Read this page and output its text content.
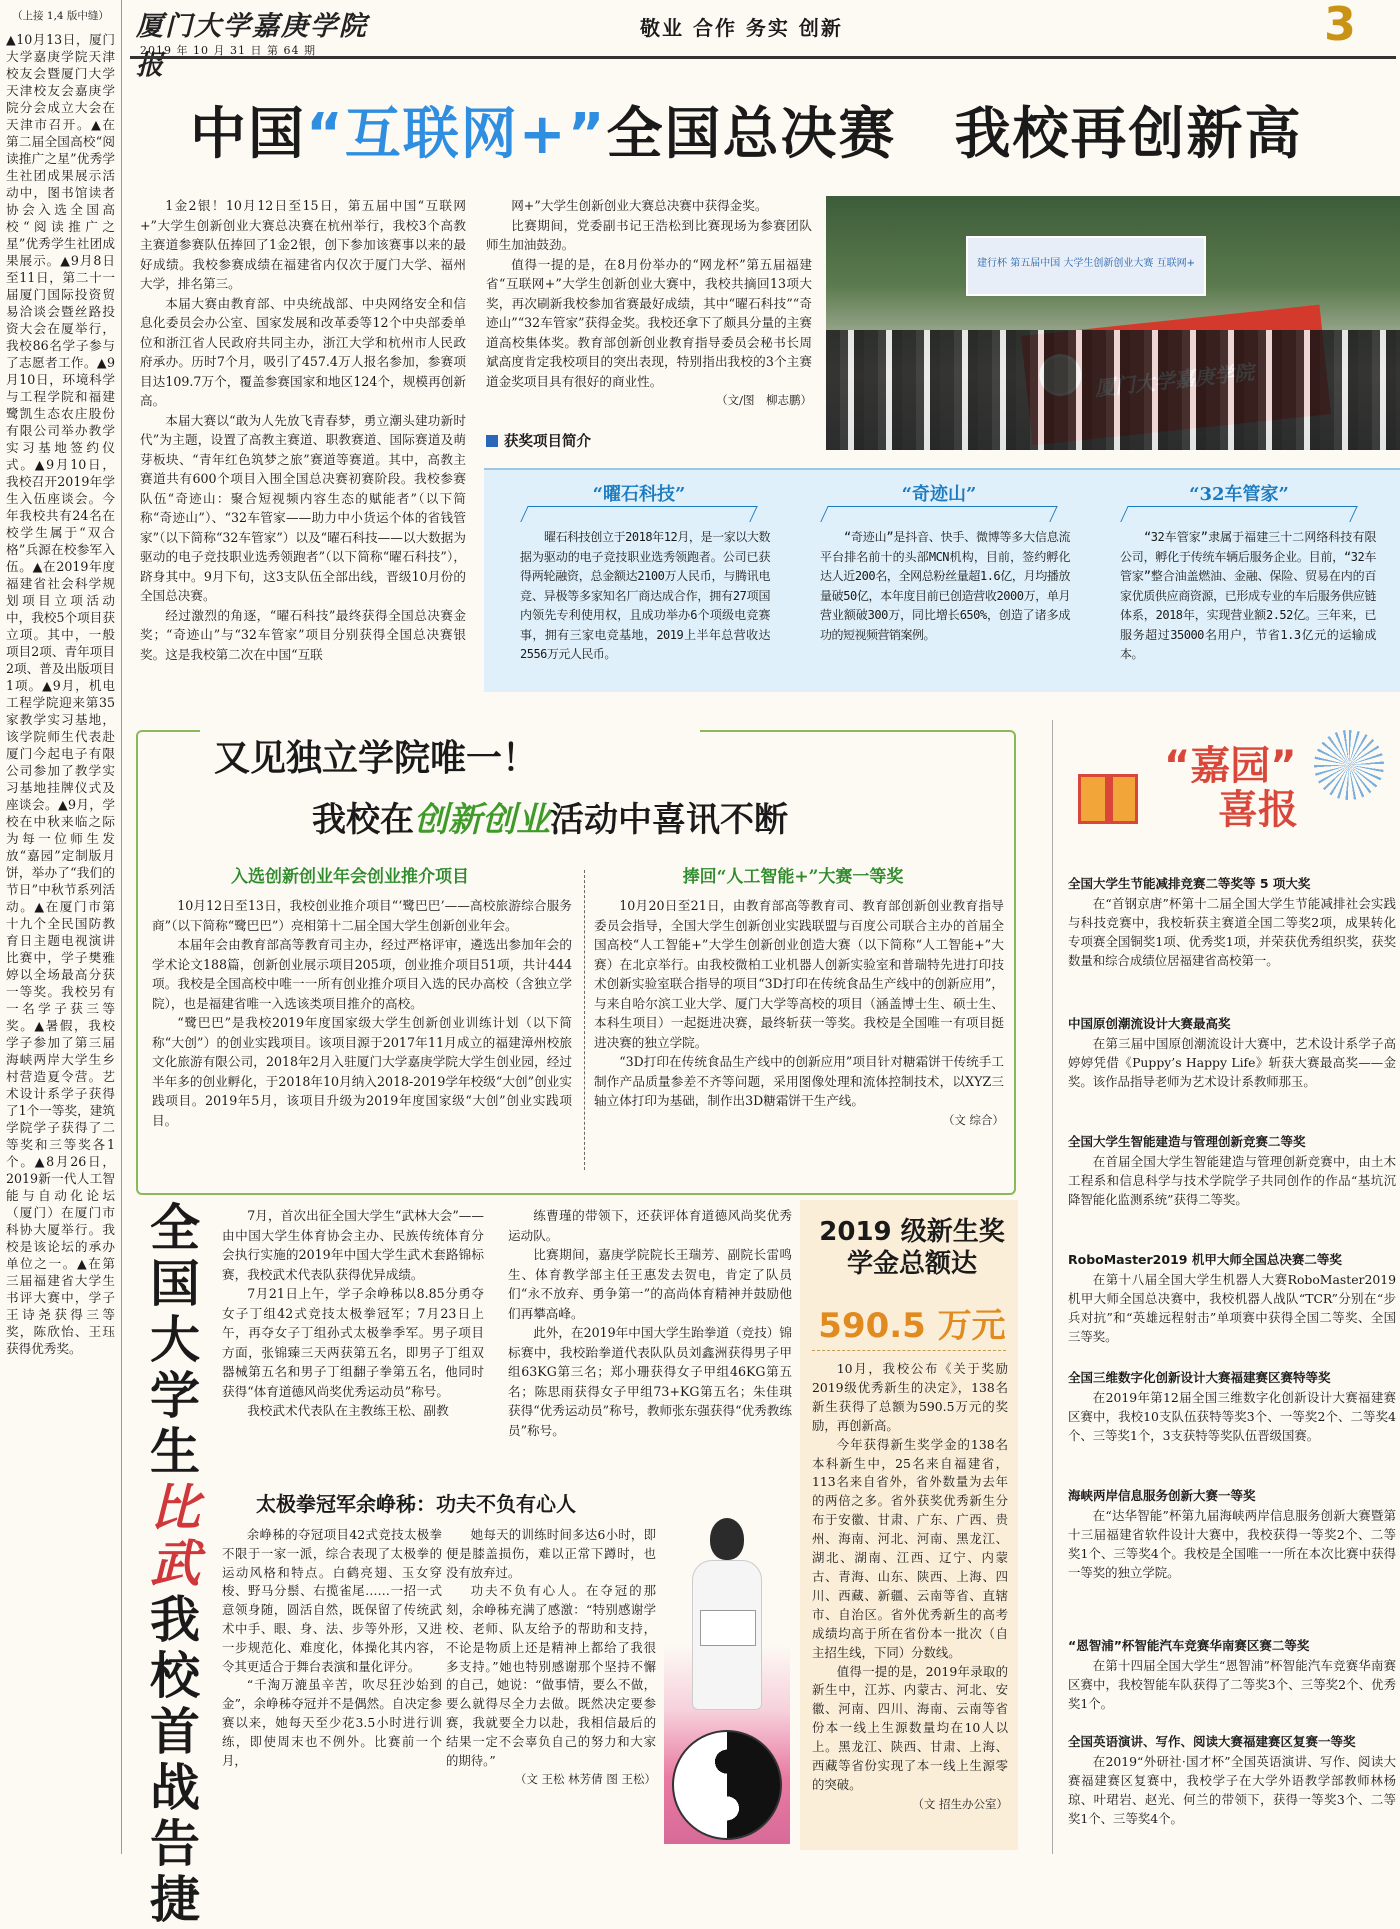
（上接 1,4 版中缝）
▲10月13日，厦门大学嘉庚学院天津校友会暨厦门大学天津校友会嘉庚学院分会成立大会在天津市召开。▲在第二届全国高校“阅读推广之星”优秀学生社团成果展示活动中，图书馆读者协会入选全国高校“阅读推广之星”优秀学生社团成果展示。▲9月8日至11日，第二十一届厦门国际投资贸易洽谈会暨丝路投资大会在厦举行，我校86名学子参与了志愿者工作。▲9月10日，环境科学与工程学院和福建鹭凯生态农庄股份有限公司举办教学实习基地签约仪式。▲9月10日，我校召开2019年学生入伍座谈会。今年我校共有24名在校学生属于“双合格”兵源在校参军入伍。▲在2019年度福建省社会科学规划项目立项活动中，我校5个项目获立项。其中，一般项目2项、青年项目2项、普及出版项目1项。▲9月，机电工程学院迎来第35家教学实习基地，该学院师生代表赴厦门今起电子有限公司参加了教学实习基地挂牌仪式及座谈会。▲9月，学校在中秋来临之际为每一位师生发放“嘉园”定制版月饼，举办了“我们的节日”中秋节系列活动。▲在厦门市第十九个全民国防教育日主题电视演讲比赛中，学子樊雅婷以全场最高分获一等奖。我校另有一名学子获三等奖。▲暑假，我校学子参加了第三届海峡两岸大学生乡村营造夏令营。艺术设计系学子获得了1个一等奖，建筑学院学子获得了二等奖和三等奖各1个。▲8月26日，2019新一代人工智能与自动化论坛（厦门）在厦门市科协大厦举行。我校是该论坛的承办单位之一。▲在第三届福建省大学生书评大赛中，学子王诗尧获得三等奖，陈欣怡、王珏获得优秀奖。
厦门大学嘉庚学院报
2019 年 10 月 31 日 第 64 期
敬业 合作 务实 创新	3
中国“互联网+”全国总决赛　我校再创新高

1金2银！10月12日至15日，第五届中国“互联网+”大学生创新创业大赛总决赛在杭州举行，我校3个高教主赛道参赛队伍捧回了1金2银，创下参加该赛事以来的最好成绩。我校参赛成绩在福建省内仅次于厦门大学、福州大学，排名第三。

本届大赛由教育部、中央统战部、中央网络安全和信息化委员会办公室、国家发展和改革委等12个中央部委单位和浙江省人民政府共同主办，浙江大学和杭州市人民政府承办。历时7个月，吸引了457.4万人报名参加，参赛项目达109.7万个，覆盖参赛国家和地区124个，规模再创新高。

本届大赛以“敢为人先放飞青春梦，勇立潮头建功新时代”为主题，设置了高教主赛道、职教赛道、国际赛道及萌芽板块、“青年红色筑梦之旅”赛道等赛道。其中，高教主赛道共有600个项目入围全国总决赛初赛阶段。我校参赛队伍“奇迹山：聚合短视频内容生态的赋能者”（以下简称“奇迹山”）、“32车管家——助力中小货运个体的省钱管家”（以下简称“32车管家”）以及“曜石科技——以大数据为驱动的电子竞技职业选秀领跑者”（以下简称“曜石科技”），跻身其中。9月下旬，这3支队伍全部出线，晋级10月份的全国总决赛。

经过激烈的角逐，“曜石科技”最终获得全国总决赛金奖；“奇迹山”与“32车管家”项目分别获得全国总决赛银奖。这是我校第二次在中国“互联

网+”大学生创新创业大赛总决赛中获得金奖。

比赛期间，党委副书记王浩松到比赛现场为参赛团队师生加油鼓劲。

值得一提的是，在8月份举办的“网龙杯”第五届福建省“互联网+”大学生创新创业大赛中，我校共摘回13项大奖，再次刷新我校参加省赛最好成绩，其中“曜石科技”“奇迹山”“32车管家”获得金奖。我校还拿下了颇具分量的主赛道高校集体奖。教育部创新创业教育指导委员会秘书长周斌高度肯定我校项目的突出表现，特别指出我校的3个主赛道金奖项目具有很好的商业性。

（文/图　柳志鹏）

建行杯 第五届中国 大学生创新创业大赛 互联网+
获奖项目简介
“曜石科技”
曜石科技创立于2018年12月，是一家以大数据为驱动的电子竞技职业选秀领跑者。公司已获得两轮融资，总金额达2100万人民币，与腾讯电竞、异极等多家知名厂商达成合作，拥有27项国内领先专利使用权，且成功举办6个项级电竞赛事，拥有三家电竞基地，2019上半年总营收达2556万元人民币。
“奇迹山”
“奇迹山”是抖音、快手、微博等多大信息流平台排名前十的头部MCN机构，目前，签约孵化达人近200名，全网总粉丝量超1.6亿，月均播放量破50亿，本年度目前已创造营收2000万，单月营业额破300万，同比增长650%，创造了诸多成功的短视频营销案例。
“32车管家”
“32车管家”隶属于福建三十二网络科技有限公司，孵化于传统车辆后服务企业。目前，“32车管家”整合油盖燃油、金融、保险、贸易在内的百家优质供应商资源，已形成专业的车后服务供应链体系，2018年，实现营业额2.52亿。三年来，已服务超过35000名用户，节省1.3亿元的运输成本。
又见独立学院唯一！
我校在创新创业活动中喜讯不断
入选创新创业年会创业推介项目	捧回“人工智能+”大赛一等奖

10月12日至13日，我校创业推介项目“‘鹭巴巴’——高校旅游综合服务商”（以下简称“鹭巴巴”）亮相第十二届全国大学生创新创业年会。

本届年会由教育部高等教育司主办，经过严格评审，遴选出参加年会的学术论文188篇，创新创业展示项目205项，创业推介项目51项，共计444项。我校是全国高校中唯一一所有创业推介项目入选的民办高校（含独立学院），也是福建省唯一入选该类项目推介的高校。

“鹭巴巴”是我校2019年度国家级大学生创新创业训练计划（以下简称“大创”）的创业实践项目。该项目源于2017年11月成立的福建漳州校旅文化旅游有限公司，2018年2月入驻厦门大学嘉庚学院大学生创业园，经过半年多的创业孵化，于2018年10月纳入2018-2019学年校级“大创”创业实践项目。2019年5月，该项目升级为2019年度国家级“大创”创业实践项目。

10月20日至21日，由教育部高等教育司、教育部创新创业教育指导委员会指导，全国大学生创新创业实践联盟与百度公司联合主办的首届全国高校“人工智能+”大学生创新创业创造大赛（以下简称“人工智能+”大赛）在北京举行。由我校微柏工业机器人创新实验室和普瑞特先进打印技术创新实验室联合指导的项目“3D打印在传统食品生产线中的创新应用”，与来自哈尔滨工业大学、厦门大学等高校的项目（涵盖博士生、硕士生、本科生项目）一起挺进决赛，最终斩获一等奖。我校是全国唯一有项目挺进决赛的独立学院。

“3D打印在传统食品生产线中的创新应用”项目针对糖霜饼干传统手工制作产品质量参差不齐等问题，采用图像处理和流体控制技术，以XYZ三轴立体打印为基础，制作出3D糖霜饼干生产线。

（文 综合）

“嘉园”
喜报
全国大学生节能减排竞赛二等奖等 5 项大奖

在“首钢京唐”杯第十二届全国大学生节能减排社会实践与科技竞赛中，我校斩获主赛道全国二等奖2项，成果转化专项赛全国铜奖1项、优秀奖1项，并荣获优秀组织奖，获奖数量和综合成绩位居福建省高校第一。

中国原创潮流设计大赛最高奖

在第三届中国原创潮流设计大赛中，艺术设计系学子高婷婷凭借《Puppy’s Happy Life》斩获大赛最高奖——金奖。该作品指导老师为艺术设计系教师那玉。

全国大学生智能建造与管理创新竞赛二等奖

在首届全国大学生智能建造与管理创新竞赛中，由土木工程系和信息科学与技术学院学子共同创作的作品“基坑沉降智能化监测系统”获得二等奖。

RoboMaster2019 机甲大师全国总决赛二等奖

在第十八届全国大学生机器人大赛RoboMaster2019机甲大师全国总决赛中，我校机器人战队“TCR”分别在“步兵对抗”和“英雄远程射击”单项赛中获得全国二等奖、全国三等奖。

全国三维数字化创新设计大赛福建赛区赛特等奖

在2019年第12届全国三维数字化创新设计大赛福建赛区赛中，我校10支队伍获特等奖3个、一等奖2个、二等奖4个、三等奖1个，3支获特等奖队伍晋级国赛。

海峡两岸信息服务创新大赛一等奖

在“达华智能”杯第九届海峡两岸信息服务创新大赛暨第十三届福建省软件设计大赛中，我校获得一等奖2个、二等奖1个、三等奖4个。我校是全国唯一一所在本次比赛中获得一等奖的独立学院。

“恩智浦”杯智能汽车竞赛华南赛区赛二等奖

在第十四届全国大学生“恩智浦”杯智能汽车竞赛华南赛区赛中，我校智能车队获得了二等奖3个、三等奖2个、优秀奖1个。

全国英语演讲、写作、阅读大赛福建赛区复赛一等奖

在2019“外研社·国才杯”全国英语演讲、写作、阅读大赛福建赛区复赛中，我校学子在大学外语教学部教师林杨琼、叶珺岩、赵光、何兰的带领下，获得一等奖3个、二等奖1个、三等奖4个。

全国大学生
比武
我校首战告捷

7月，首次出征全国大学生“武林大会”——由中国大学生体育协会主办、民族传统体育分会执行实施的2019年中国大学生武术套路锦标赛，我校武术代表队获得优异成绩。

7月21日上午，学子余峥秭以8.85分勇夺女子丁组42式竞技太极拳冠军；7月23日上午，再夺女子丁组孙式太极拳季军。男子项目方面，张锦臻三天两获第五名，即男子丁组双器械第五名和男子丁组翻子拳第五名，他同时获得“体育道德风尚奖优秀运动员”称号。

我校武术代表队在主教练王松、副教

练曹瑾的带领下，还获评体育道德风尚奖优秀运动队。

比赛期间，嘉庚学院院长王瑞芳、副院长雷鸣生、体育教学部主任王惠发去贺电，肯定了队员们“永不放弃、勇争第一”的高尚体育精神并鼓励他们再攀高峰。

此外，在2019年中国大学生跆拳道（竞技）锦标赛中，我校跆拳道代表队队员刘鑫洲获得男子甲组63KG第三名；郑小珊获得女子甲组46KG第五名；陈思雨获得女子甲组73+KG第五名；朱佳琪获得“优秀运动员”称号，教师张东强获得“优秀教练员”称号。

太极拳冠军余峥秭：功夫不负有心人

余峥秭的夺冠项目42式竞技太极拳不限于一家一派，综合表现了太极拳的运动风格和特点。白鹤亮翅、玉女穿梭、野马分鬃、右揽雀尾……一招一式意领身随，圆活自然，既保留了传统武术中手、眼、身、法、步等外形，又进一步规范化、难度化，体操化其内容，令其更适合于舞台表演和量化评分。

“千淘万漉虽辛苦，吹尽狂沙始到金”，余峥秭夺冠并不是偶然。自决定参赛以来，她每天至少花3.5小时进行训练，即使周末也不例外。比赛前一个月，

她每天的训练时间多达6小时，即便是膝盖损伤，难以正常下蹲时，也没有放弃过。

功夫不负有心人。在夺冠的那刻，余峥秭充满了感激：“特别感谢学校、老师、队友给予的帮助和支持，不论是物质上还是精神上都给了我很多支持。”她也特别感谢那个坚持不懈的自己，她说：“做事情，要么不做，要么就得尽全力去做。既然决定要参赛，我就要全力以赴，我相信最后的结果一定不会辜负自己的努力和大家的期待。”

（文 王松 林芳倩 图 王松）

2019 级新生奖学金总额达
590.5 万元

10月，我校公布《关于奖励2019级优秀新生的决定》，138名新生获得了总额为590.5万元的奖励，再创新高。

今年获得新生奖学金的138名本科新生中，25名来自福建省，113名来自省外，省外数量为去年的两倍之多。省外获奖优秀新生分布于安徽、甘肃、广东、广西、贵州、海南、河北、河南、黑龙江、湖北、湖南、江西、辽宁、内蒙古、青海、山东、陕西、上海、四川、西藏、新疆、云南等省、直辖市、自治区。省外优秀新生的高考成绩均高于所在省份本一批次（自主招生线，下同）分数线。

值得一提的是，2019年录取的新生中，江苏、内蒙古、河北、安徽、河南、四川、海南、云南等省份本一线上生源数量均在10人以上。黑龙江、陕西、甘肃、上海、西藏等省份实现了本一线上生源零的突破。

（文 招生办公室）
